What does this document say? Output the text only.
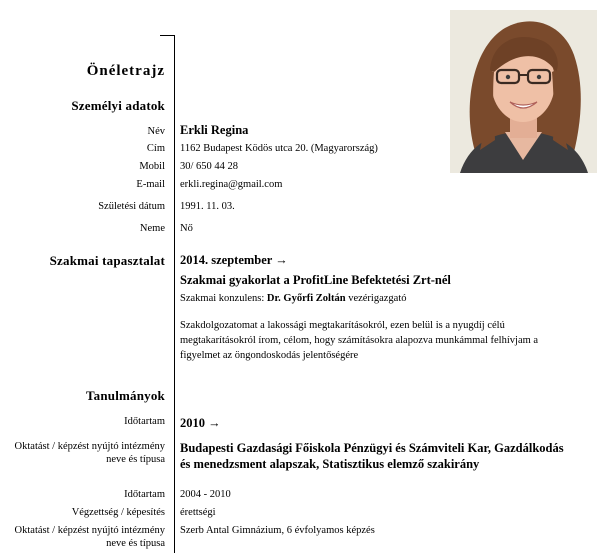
Önéletrajz
Személyi adatok
Név Erkli Regina
Cím 1162 Budapest Ködös utca 20. (Magyarország)
Mobil 30/ 650 44 28
E-mail erkli.regina@gmail.com
Születési dátum 1991. 11. 03.
Neme Nő
Szakmai tapasztalat 2014. szeptember →
Szakmai gyakorlat a ProfitLine Befektetési Zrt-nél
Szakmai konzulens: Dr. Győrfi Zoltán vezérigazgató
Szakdolgozatomat a lakossági megtakarításokról, ezen belül is a nyugdíj célú
megtakarításokról írom, célom, hogy számításokra alapozva munkámmal felhívjam a
figyelmet az öngondoskodás jelentőségére
Tanulmányok
Időtartam 2010 →
Oktatást / képzést nyújtó intézmény
neve és típusa
Budapesti Gazdasági Főiskola Pénzügyi és Számviteli Kar, Gazdálkodás
és menedzsment alapszak, Statisztikus elemző szakirány
Időtartam 2004 - 2010
Végzettség / képesítés érettségi
Oktatást / képzést nyújtó intézmény
neve és típusa
Szerb Antal Gimnázium, 6 évfolyamos képzés
